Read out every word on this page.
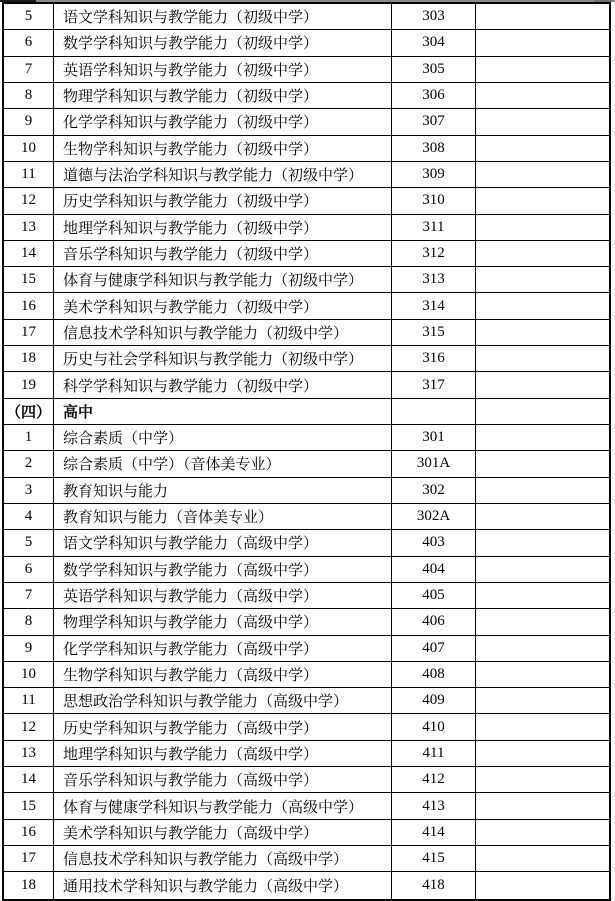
5	语文学科知识与教学能力（初级中学）	303
6	数学学科知识与教学能力（初级中学）	304
7	英语学科知识与教学能力（初级中学）	305
8	物理学科知识与教学能力（初级中学）	306
9	化学学科知识与教学能力（初级中学）	307
10	生物学科知识与教学能力（初级中学）	308
11	道德与法治学科知识与教学能力（初级中学）	309
12	历史学科知识与教学能力（初级中学）	310
13	地理学科知识与教学能力（初级中学）	311
14	音乐学科知识与教学能力（初级中学）	312
15	体育与健康学科知识与教学能力（初级中学）	313
16	美术学科知识与教学能力（初级中学）	314
17	信息技术学科知识与教学能力（初级中学）	315
18	历史与社会学科知识与教学能力（初级中学）	316
19	科学学科知识与教学能力（初级中学）	317
（四） 高中
1	综合素质（中学）	301
2	综合素质（中学）（音体美专业）	301A
3	教育知识与能力	302
4	教育知识与能力（音体美专业）	302A
5	语文学科知识与教学能力（高级中学）	403
6	数学学科知识与教学能力（高级中学）	404
7	英语学科知识与教学能力（高级中学）	405
8	物理学科知识与教学能力（高级中学）	406
9	化学学科知识与教学能力（高级中学）	407
10	生物学科知识与教学能力（高级中学）	408
11	思想政治学科知识与教学能力（高级中学）	409
12	历史学科知识与教学能力（高级中学）	410
13	地理学科知识与教学能力（高级中学）	411
14	音乐学科知识与教学能力（高级中学）	412
15	体育与健康学科知识与教学能力（高级中学）	413
16	美术学科知识与教学能力（高级中学）	414
17	信息技术学科知识与教学能力（高级中学）	415
18	通用技术学科知识与教学能力（高级中学）	418
